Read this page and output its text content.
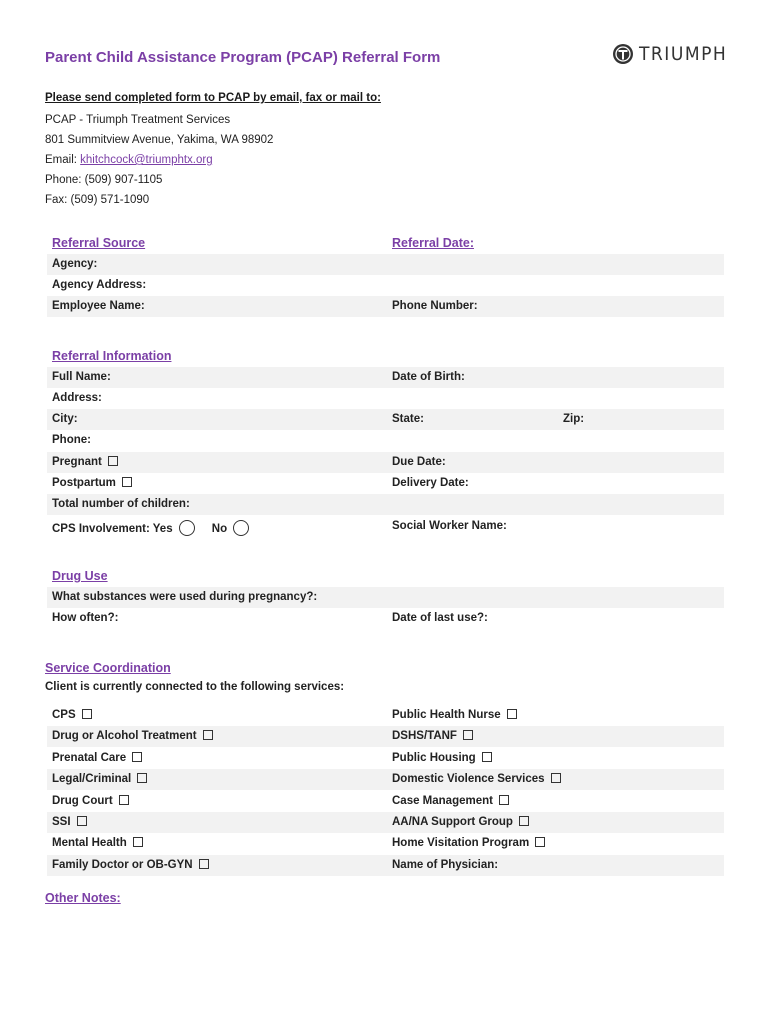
Parent Child Assistance Program (PCAP) Referral Form	TRIUMPH
Please send completed form to PCAP by email, fax or mail to:
PCAP - Triumph Treatment Services
801 Summitview Avenue, Yakima, WA 98902
Email: khitchcock@triumphtx.org
Phone: (509) 907-1105
Fax: (509) 571-1090
Referral Source	Referral Date:
Agency:
Agency Address:
Employee Name:	Phone Number:
Referral Information
Full Name:	Date of Birth:
Address:
City:	State:	Zip:
Phone:
Pregnant	Due Date:
Postpartum	Delivery Date:
Total number of children:
CPS Involvement: Yes	No	Social Worker Name:
Drug Use
What substances were used during pregnancy?:
How often?:	Date of last use?:
Service Coordination
Client is currently connected to the following services:
CPS	Public Health Nurse
Drug or Alcohol Treatment	DSHS/TANF
Prenatal Care	Public Housing
Legal/Criminal	Domestic Violence Services
Drug Court	Case Management
SSI	AA/NA Support Group
Mental Health	Home Visitation Program
Family Doctor or OB-GYN	Name of Physician:
Other Notes:
